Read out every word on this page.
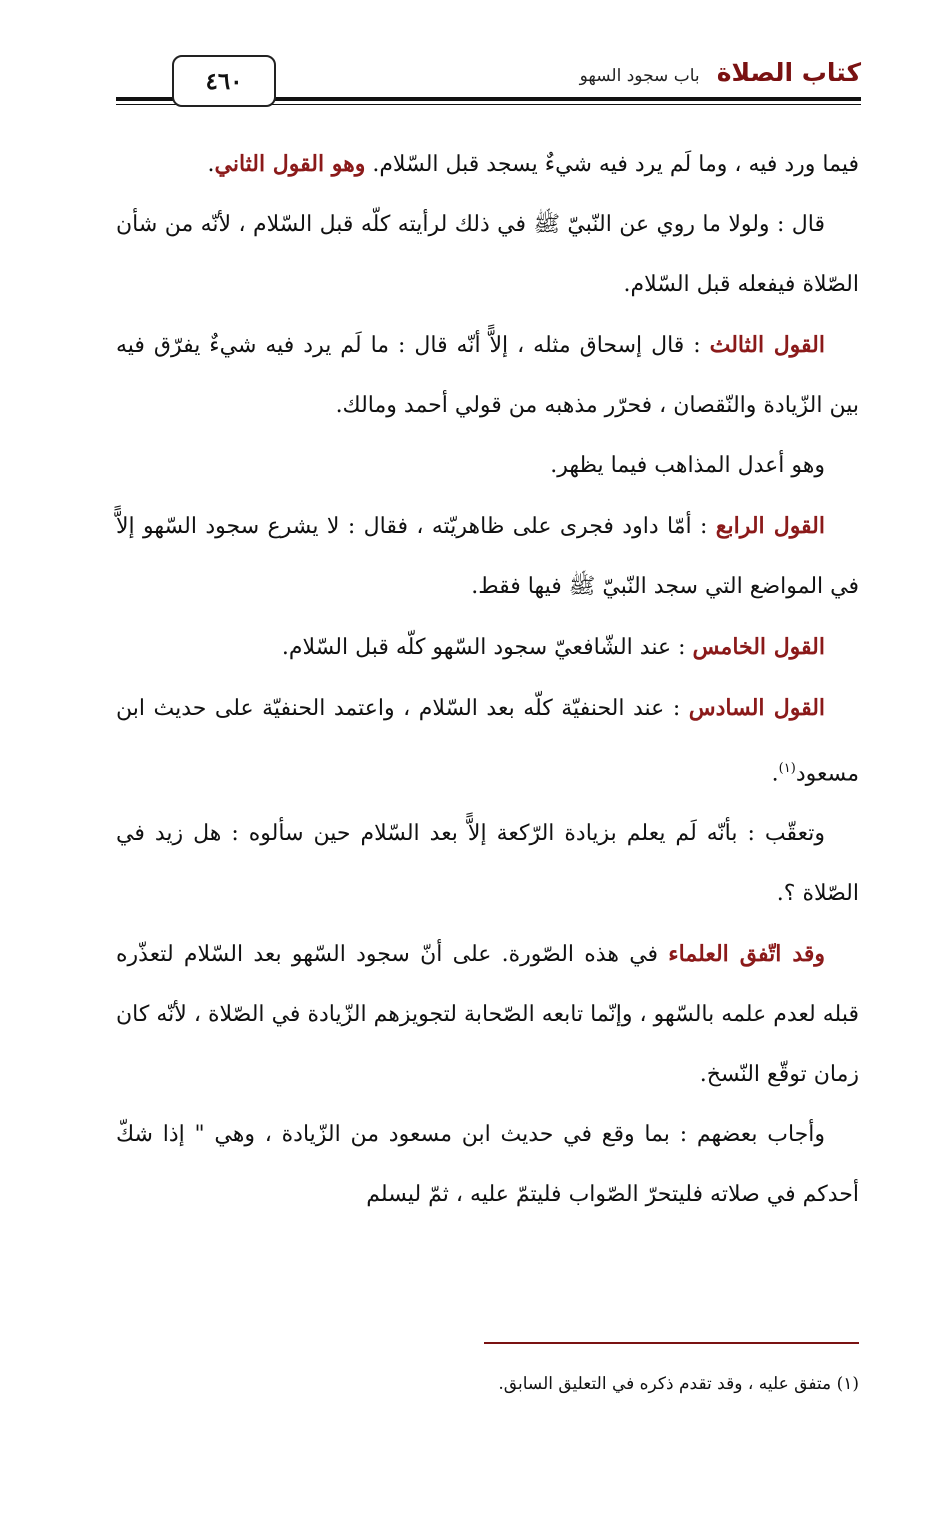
كتاب الصلاة باب سجود السهو
٤٦٠

فيما ورد فيه ، وما لَم يرد فيه شيءٌ يسجد قبل السّلام. وهو القول الثاني.

قال : ولولا ما روي عن النّبيّ ﷺ في ذلك لرأيته كلّه قبل السّلام ، لأنّه من شأن الصّلاة فيفعله قبل السّلام.

القول الثالث : قال إسحاق مثله ، إلاًّ أنّه قال : ما لَم يرد فيه شيءٌ يفرّق فيه بين الزّيادة والنّقصان ، فحرّر مذهبه من قولي أحمد ومالك.

وهو أعدل المذاهب فيما يظهر.

القول الرابع : أمّا داود فجرى على ظاهريّته ، فقال : لا يشرع سجود السّهو إلاًّ في المواضع التي سجد النّبيّ ﷺ فيها فقط.

القول الخامس : عند الشّافعيّ سجود السّهو كلّه قبل السّلام.

القول السادس : عند الحنفيّة كلّه بعد السّلام ، واعتمد الحنفيّة على حديث ابن مسعود$^{(١)}$.

وتعقّب : بأنّه لَم يعلم بزيادة الرّكعة إلاًّ بعد السّلام حين سألوه : هل زيد في الصّلاة ؟.

وقد اتّفق العلماء في هذه الصّورة. على أنّ سجود السّهو بعد السّلام لتعذّره قبله لعدم علمه بالسّهو ، وإنّما تابعه الصّحابة لتجويزهم الزّيادة في الصّلاة ، لأنّه كان زمان توقّع النّسخ.

وأجاب بعضهم : بما وقع في حديث ابن مسعود من الزّيادة ، وهي " إذا شكّ أحدكم في صلاته فليتحرّ الصّواب فليتمّ عليه ، ثمّ ليسلم

(١) متفق عليه ، وقد تقدم ذكره في التعليق السابق.
